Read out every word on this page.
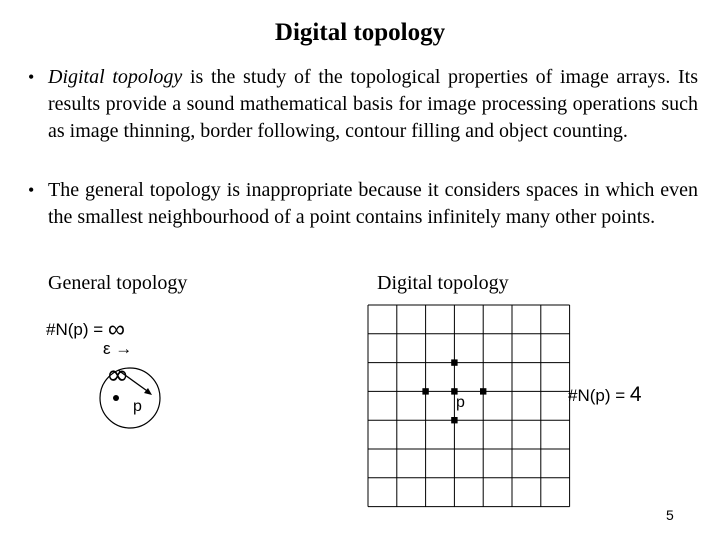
Digital topology
• Digital topology is the study of the topological properties of image arrays. Its results provide a sound mathematical basis for image processing operations such as image thinning, border following, contour filling and object counting.
• The general topology is inappropriate because it considers spaces in which even the smallest neighbourhood of a point contains infinitely many other points.
General topology	Digital topology
∞
#N(p) = ∞
ε →
p
#N(p) = 4
p
5
